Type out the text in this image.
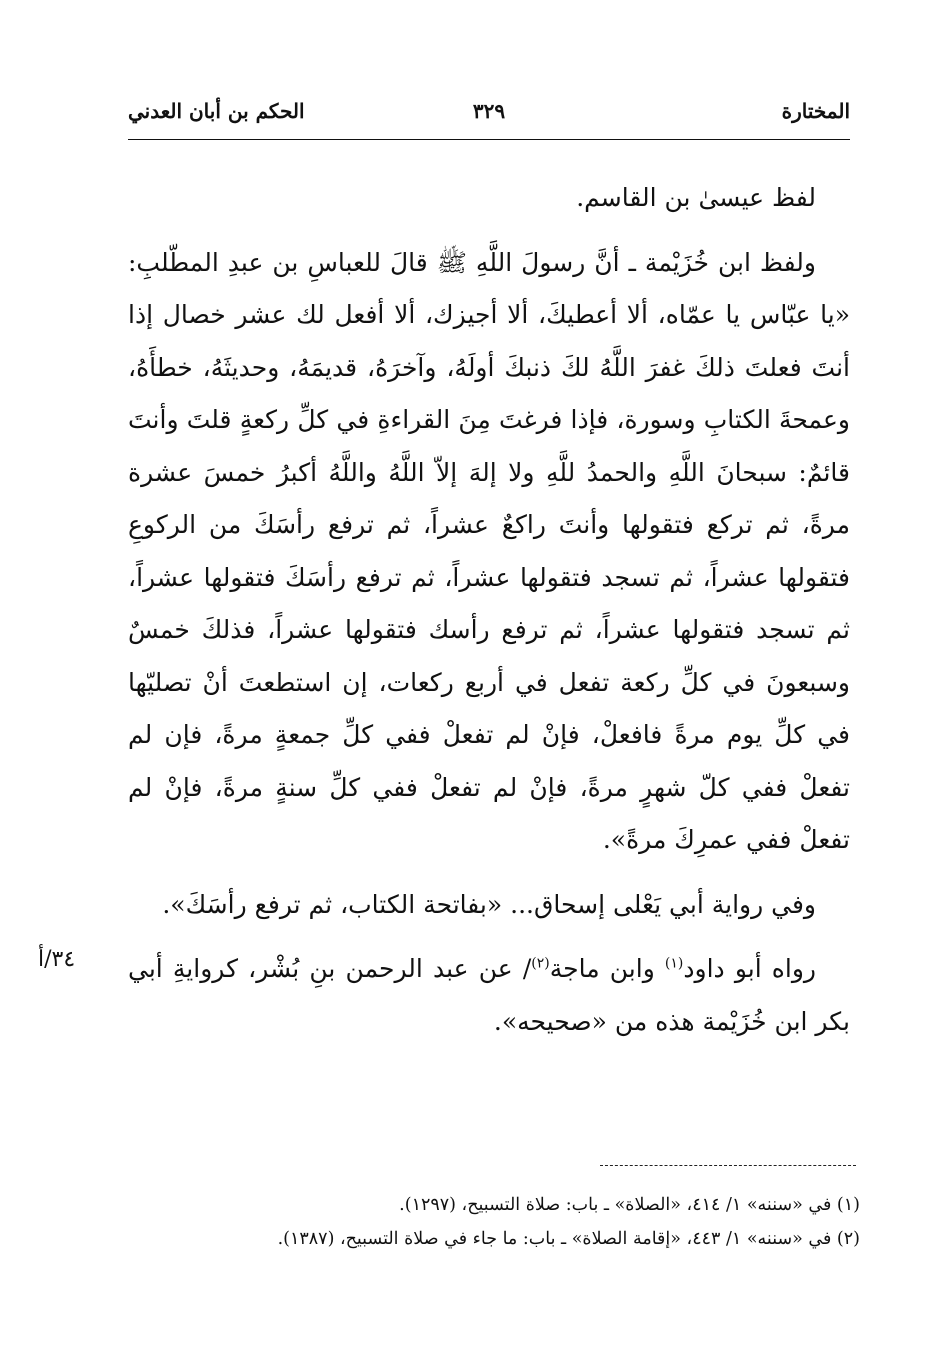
المختارة
٣٢٩
الحكم بن أبان العدني

لفظ عيسىٰ بن القاسم.

ولفظ ابن خُزَيْمة ـ أنَّ رسولَ اللَّهِ ﷺ قالَ للعباسِ بن عبدِ المطّلبِ: «يا عبّاس يا عمّاه، ألا أعطيكَ، ألا أجيزك، ألا أفعل لك عشر خصال إذا أنتَ فعلتَ ذلكَ غفرَ اللَّهُ لكَ ذنبكَ أولَهُ، وآخرَهُ، قديمَهُ، وحديثَهُ، خطأَهُ، وعمحةَ الكتابِ وسورة، فإذا فرغتَ مِنَ القراءةِ في كلِّ ركعةٍ قلتَ وأنتَ قائمٌ: سبحانَ اللَّهِ والحمدُ للَّهِ ولا إلهَ إلاّ اللَّهُ واللَّهُ أكبرُ خمسَ عشرة مرةً، ثم تركع فتقولها وأنتَ راكعٌ عشراً، ثم ترفع رأسَكَ من الركوعِ فتقولها عشراً، ثم تسجد فتقولها عشراً، ثم ترفع رأسَكَ فتقولها عشراً، ثم تسجد فتقولها عشراً، ثم ترفع رأسك فتقولها عشراً، فذلكَ خمسٌ وسبعونَ في كلِّ ركعة تفعل في أربع ركعات، إن استطعتَ أنْ تصليّها في كلِّ يوم مرةً فافعلْ، فإنْ لم تفعلْ ففي كلِّ جمعةٍ مرةً، فإن لم تفعلْ ففي كلّ شهرٍ مرةً، فإنْ لم تفعلْ ففي كلِّ سنةٍ مرةً، فإنْ لم تفعلْ ففي عمرِكَ مرةً».

وفي رواية أبي يَعْلى إسحاق... «بفاتحة الكتاب، ثم ترفع رأسَكَ».

رواه أبو داود$^{(١)}$ وابن ماجة$^{(٢)}$/ عن عبد الرحمن بنِ بُشْر، كروايةِ أبي بكر ابن خُزَيْمة هذه من «صحيحه».

٣٤/أ

(١) في «سننه» ١/ ٤١٤، «الصلاة» ـ باب: صلاة التسبيح، (١٢٩٧).

(٢) في «سننه» ١/ ٤٤٣، «إقامة الصلاة» ـ باب: ما جاء في صلاة التسبيح، (١٣٨٧).
